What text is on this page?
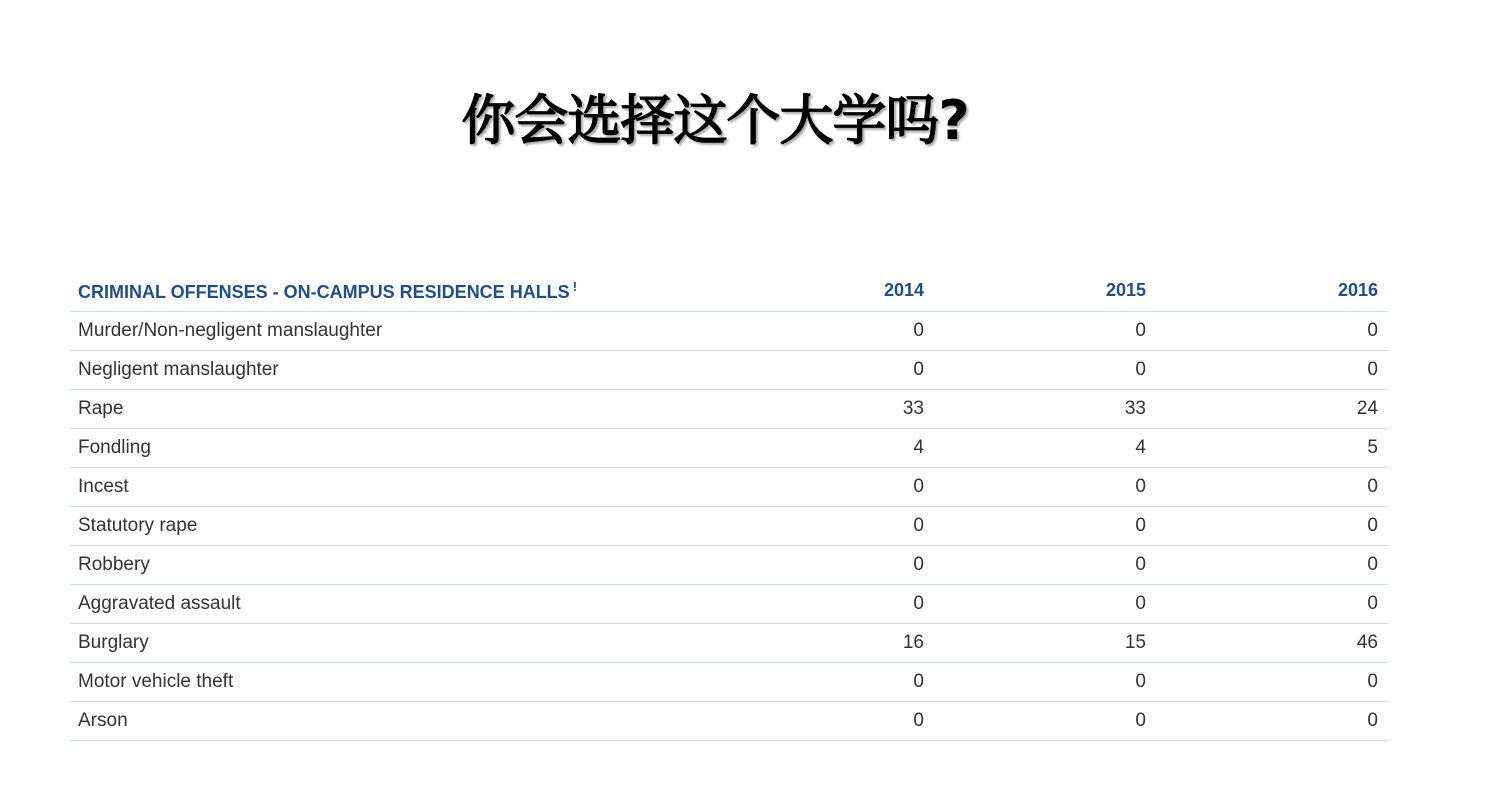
你会选择这个大学吗?
CRIMINAL OFFENSES - ON-CAMPUS RESIDENCE HALLS !	2014	2015	2016
Murder/Non-negligent manslaughter	0	0	0
Negligent manslaughter	0	0	0
Rape	33	33	24
Fondling	4	4	5
Incest	0	0	0
Statutory rape	0	0	0
Robbery	0	0	0
Aggravated assault	0	0	0
Burglary	16	15	46
Motor vehicle theft	0	0	0
Arson	0	0	0
